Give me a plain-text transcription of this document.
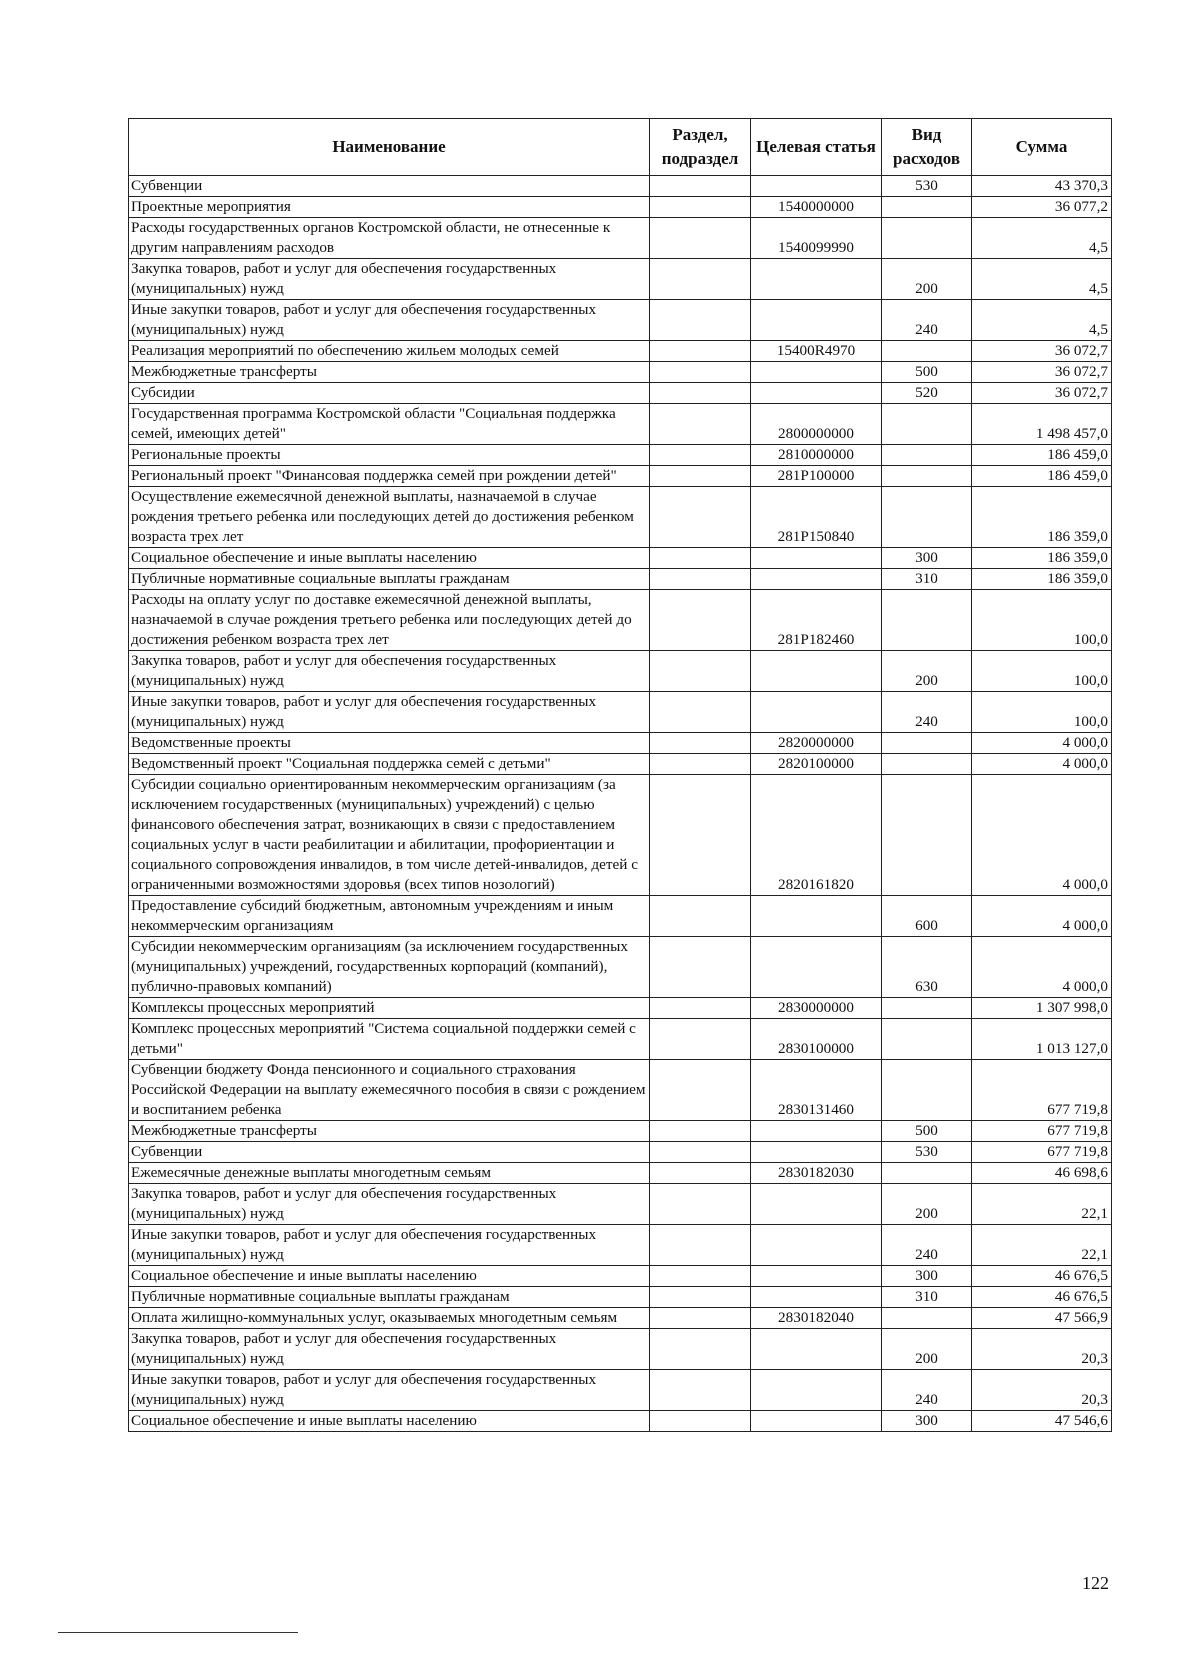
Наименование	Раздел, подраздел	Целевая статья	Вид расходов	Сумма
Субвенции			530	43 370,3
Проектные мероприятия		1540000000		36 077,2
Расходы государственных органов Костромской области, не отнесенные к другим направлениям расходов		1540099990		4,5
Закупка товаров, работ и услуг для обеспечения государственных (муниципальных) нужд			200	4,5
Иные закупки товаров, работ и услуг для обеспечения государственных (муниципальных) нужд			240	4,5
Реализация мероприятий по обеспечению жильем молодых семей		15400R4970		36 072,7
Межбюджетные трансферты			500	36 072,7
Субсидии			520	36 072,7
Государственная программа Костромской области "Социальная поддержка семей, имеющих детей"		2800000000		1 498 457,0
Региональные проекты		2810000000		186 459,0
Региональный проект "Финансовая поддержка семей при рождении детей"		281P100000		186 459,0
Осуществление ежемесячной денежной выплаты, назначаемой в случае рождения третьего ребенка или последующих детей до достижения ребенком возраста трех лет		281P150840		186 359,0
Социальное обеспечение и иные выплаты населению			300	186 359,0
Публичные нормативные социальные выплаты гражданам			310	186 359,0
Расходы на оплату услуг по доставке ежемесячной денежной выплаты, назначаемой в случае рождения третьего ребенка или последующих детей до достижения ребенком возраста трех лет		281P182460		100,0
Закупка товаров, работ и услуг для обеспечения государственных (муниципальных) нужд			200	100,0
Иные закупки товаров, работ и услуг для обеспечения государственных (муниципальных) нужд			240	100,0
Ведомственные проекты		2820000000		4 000,0
Ведомственный проект "Социальная поддержка семей с детьми"		2820100000		4 000,0
Субсидии социально ориентированным некоммерческим организациям (за исключением государственных (муниципальных) учреждений) с целью финансового обеспечения затрат, возникающих в связи с предоставлением социальных услуг в части реабилитации и абилитации, профориентации и социального сопровождения инвалидов, в том числе детей-инвалидов, детей с ограниченными возможностями здоровья (всех типов нозологий)		2820161820		4 000,0
Предоставление субсидий бюджетным, автономным учреждениям и иным некоммерческим организациям			600	4 000,0
Субсидии некоммерческим организациям (за исключением государственных (муниципальных) учреждений, государственных корпораций (компаний), публично-правовых компаний)			630	4 000,0
Комплексы процессных мероприятий		2830000000		1 307 998,0
Комплекс процессных мероприятий "Система социальной поддержки семей с детьми"		2830100000		1 013 127,0
Субвенции бюджету Фонда пенсионного и социального страхования Российской Федерации на выплату ежемесячного пособия в связи с рождением и воспитанием ребенка		2830131460		677 719,8
Межбюджетные трансферты			500	677 719,8
Субвенции			530	677 719,8
Ежемесячные денежные выплаты многодетным семьям		2830182030		46 698,6
Закупка товаров, работ и услуг для обеспечения государственных (муниципальных) нужд			200	22,1
Иные закупки товаров, работ и услуг для обеспечения государственных (муниципальных) нужд			240	22,1
Социальное обеспечение и иные выплаты населению			300	46 676,5
Публичные нормативные социальные выплаты гражданам			310	46 676,5
Оплата жилищно-коммунальных услуг, оказываемых многодетным семьям		2830182040		47 566,9
Закупка товаров, работ и услуг для обеспечения государственных (муниципальных) нужд			200	20,3
Иные закупки товаров, работ и услуг для обеспечения государственных (муниципальных) нужд			240	20,3
Социальное обеспечение и иные выплаты населению			300	47 546,6
122
